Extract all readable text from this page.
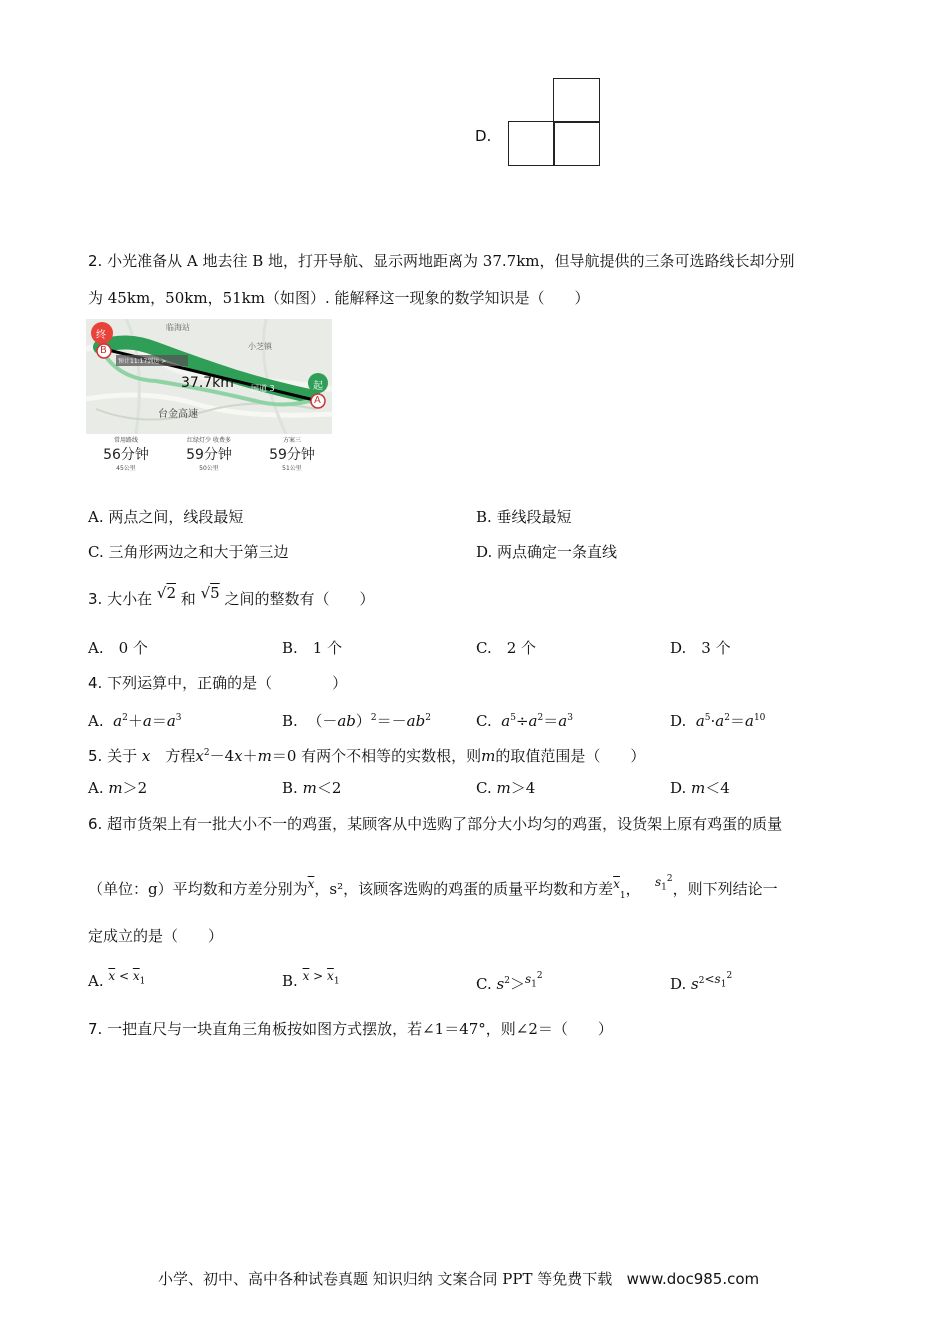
D.
2. 小光准备从 A 地去往 B 地，打开导航、显示两地距离为 37.7km，但导航提供的三条可选路线长却分别
为 45km，50km，51km（如图）. 能解释这一现象的数学知识是（　　）
终
起
B
A
37.7km
临海站
小芝镇
台金高速
预计11:17到达 >
国道 3
常用路线
56分钟
45公里
红绿灯少 收费多
59分钟
50公里
方案三
59分钟
51公里
A. 两点之间，线段最短	B. 垂线段最短
C. 三角形两边之和大于第三边	D. 两点确定一条直线
3. 大小在 √2 和 √5 之间的整数有（　　）
A.　0 个	B.　1 个	C.　2 个	D.　3 个
4. 下列运算中，正确的是（　　　　）
A. $a^2+a=a^3$	B.  $(-ab)^2=-ab^2$	C. $a^5\div a^2=a^3$	D. $a^5\cdot a^2=a^{10}$
5. 关于 x　方程$x^2-4x+m=0$ 有两个不相等的实数根，则m的取值范围是（　　）
A. m＞2	B. m＜2	C. m＞4	D. m＜4
6. 超市货架上有一批大小不一的鸡蛋，某顾客从中选购了部分大小均匀的鸡蛋，设货架上原有鸡蛋的质量
（单位：g）平均数和方差分别为$^{\overline{x}}$，s²，该顾客选购的鸡蛋的质量平均数和方差$^{\overline{x}}_1$，   $^{s_1^2}$，则下列结论一
定成立的是（　　）
A. $^{\overline{x} < \overline{x}_1}$	B. $^{\overline{x} > \overline{x}_1}$	C. $s^2>^{s_1^2}$	D. $s^{2<s_1^2}$
7. 一把直尺与一块直角三角板按如图方式摆放，若∠1＝47°，则∠2＝（　　）
小学、初中、高中各种试卷真题 知识归纳 文案合同 PPT 等免费下载 www.doc985.com
